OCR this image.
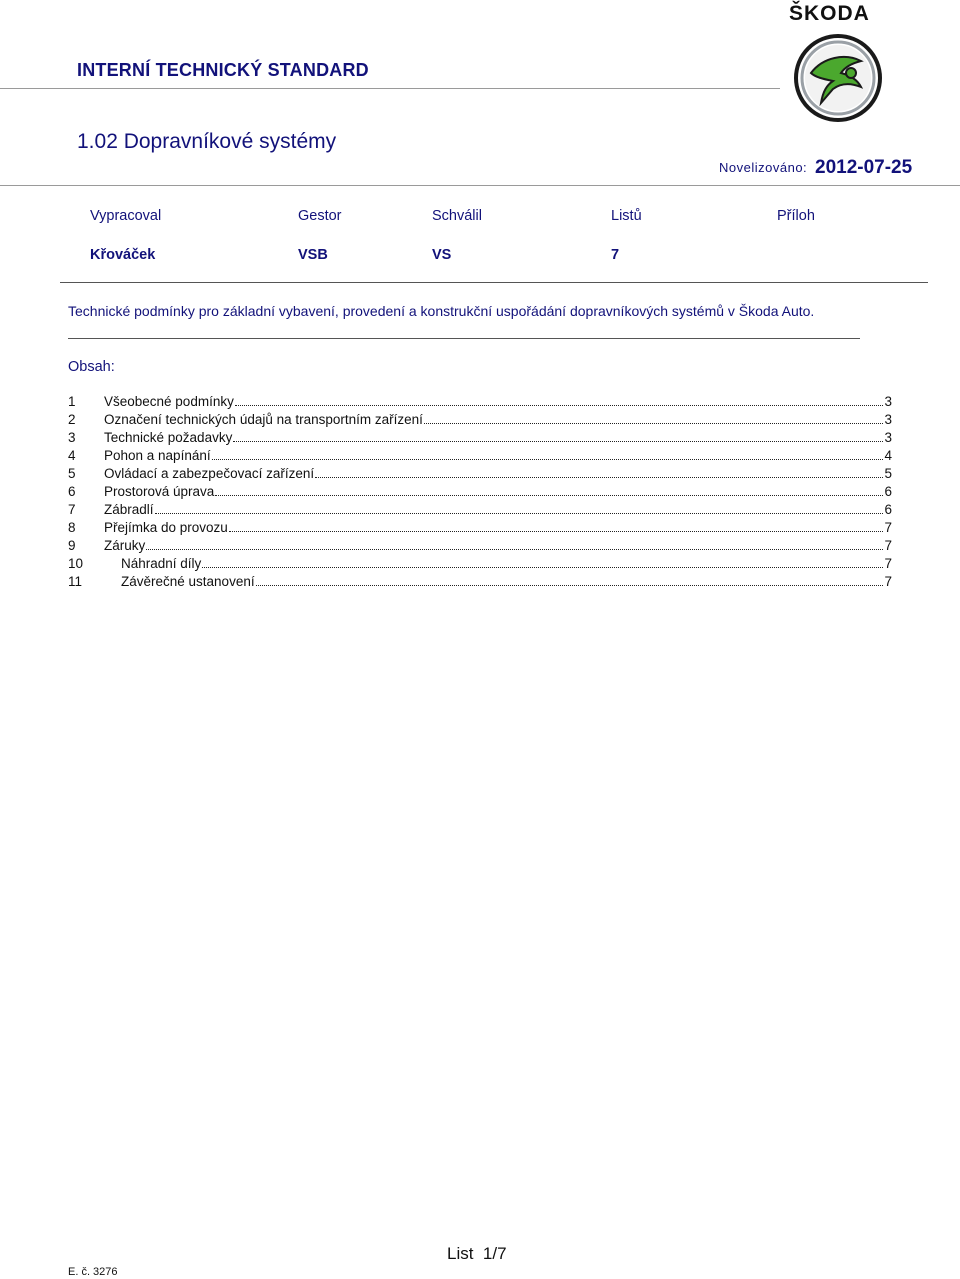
ŠKODA
INTERNÍ TECHNICKÝ STANDARD
1.02 Dopravníkové systémy
Novelizováno: 2012-07-25
Vypracoval	Gestor	Schválil	Listů	Příloh
Křováček	VSB	VS	7
Technické podmínky pro základní vybavení, provedení a konstrukční uspořádání dopravníkových systémů v Škoda Auto.
Obsah:
1	Všeobecné podmínky	3
2	Označení technických údajů na transportním zařízení	3
3	Technické požadavky	3
4	Pohon a napínání	4
5	Ovládací a zabezpečovací zařízení	5
6	Prostorová úprava	6
7	Zábradlí	6
8	Přejímka do provozu	7
9	Záruky	7
10	Náhradní díly	7
11	Závěrečné ustanovení	7
List  1/7
E. č. 3276
